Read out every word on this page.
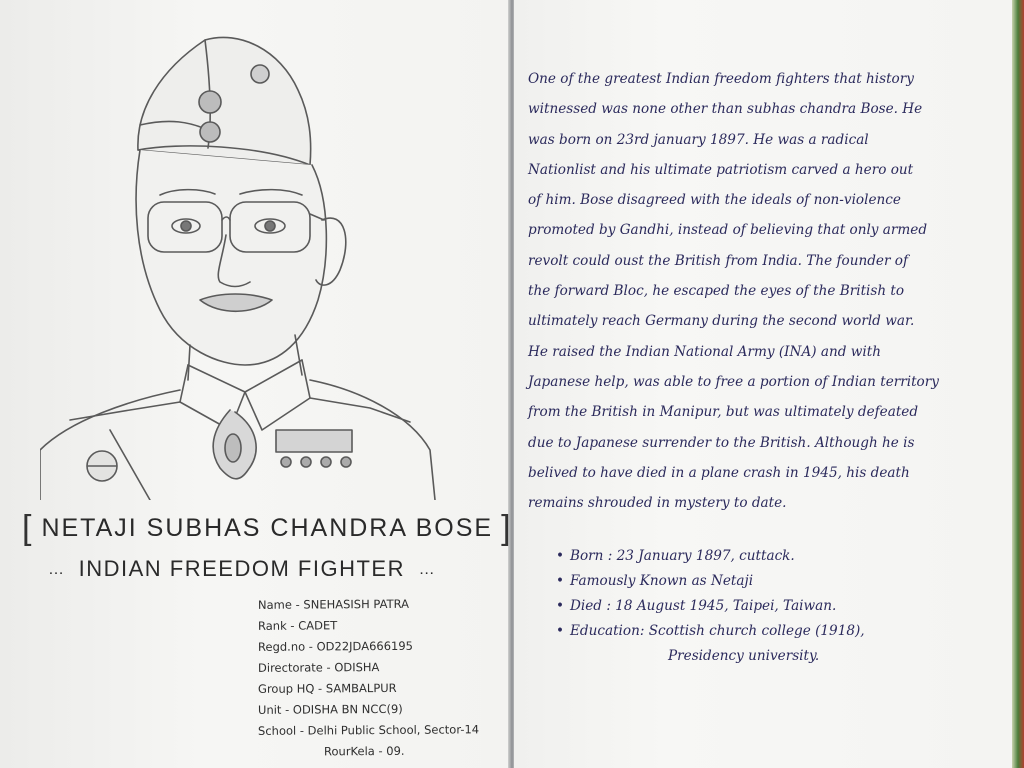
[ NETAJI SUBHAS CHANDRA BOSE ]
… INDIAN FREEDOM FIGHTER …
Name - SNEHASISH PATRA
Rank - CADET
Regd.no - OD22JDA666195
Directorate - ODISHA
Group HQ - SAMBALPUR
Unit - ODISHA BN NCC(9)
School - Delhi Public School, Sector-14
RourKela - 09.
One of the greatest Indian freedom fighters that history
witnessed was none other than subhas chandra Bose. He
was born on 23rd january 1897. He was a radical
Nationlist and his ultimate patriotism carved a hero out
of him. Bose disagreed with the ideals of non-violence
promoted by Gandhi, instead of believing that only armed
revolt could oust the British from India. The founder of
the forward Bloc, he escaped the eyes of the British to
ultimately reach Germany during the second world war.
He raised the Indian National Army (INA) and with
Japanese help, was able to free a portion of Indian territory
from the British in Manipur, but was ultimately defeated
due to Japanese surrender to the British. Although he is
belived to have died in a plane crash in 1945, his death
remains shrouded in mystery to date.
• Born : 23 January 1897, cuttack.
• Famously Known as Netaji
• Died : 18 August 1945, Taipei, Taiwan.
• Education: Scottish church college (1918),
Presidency university.
